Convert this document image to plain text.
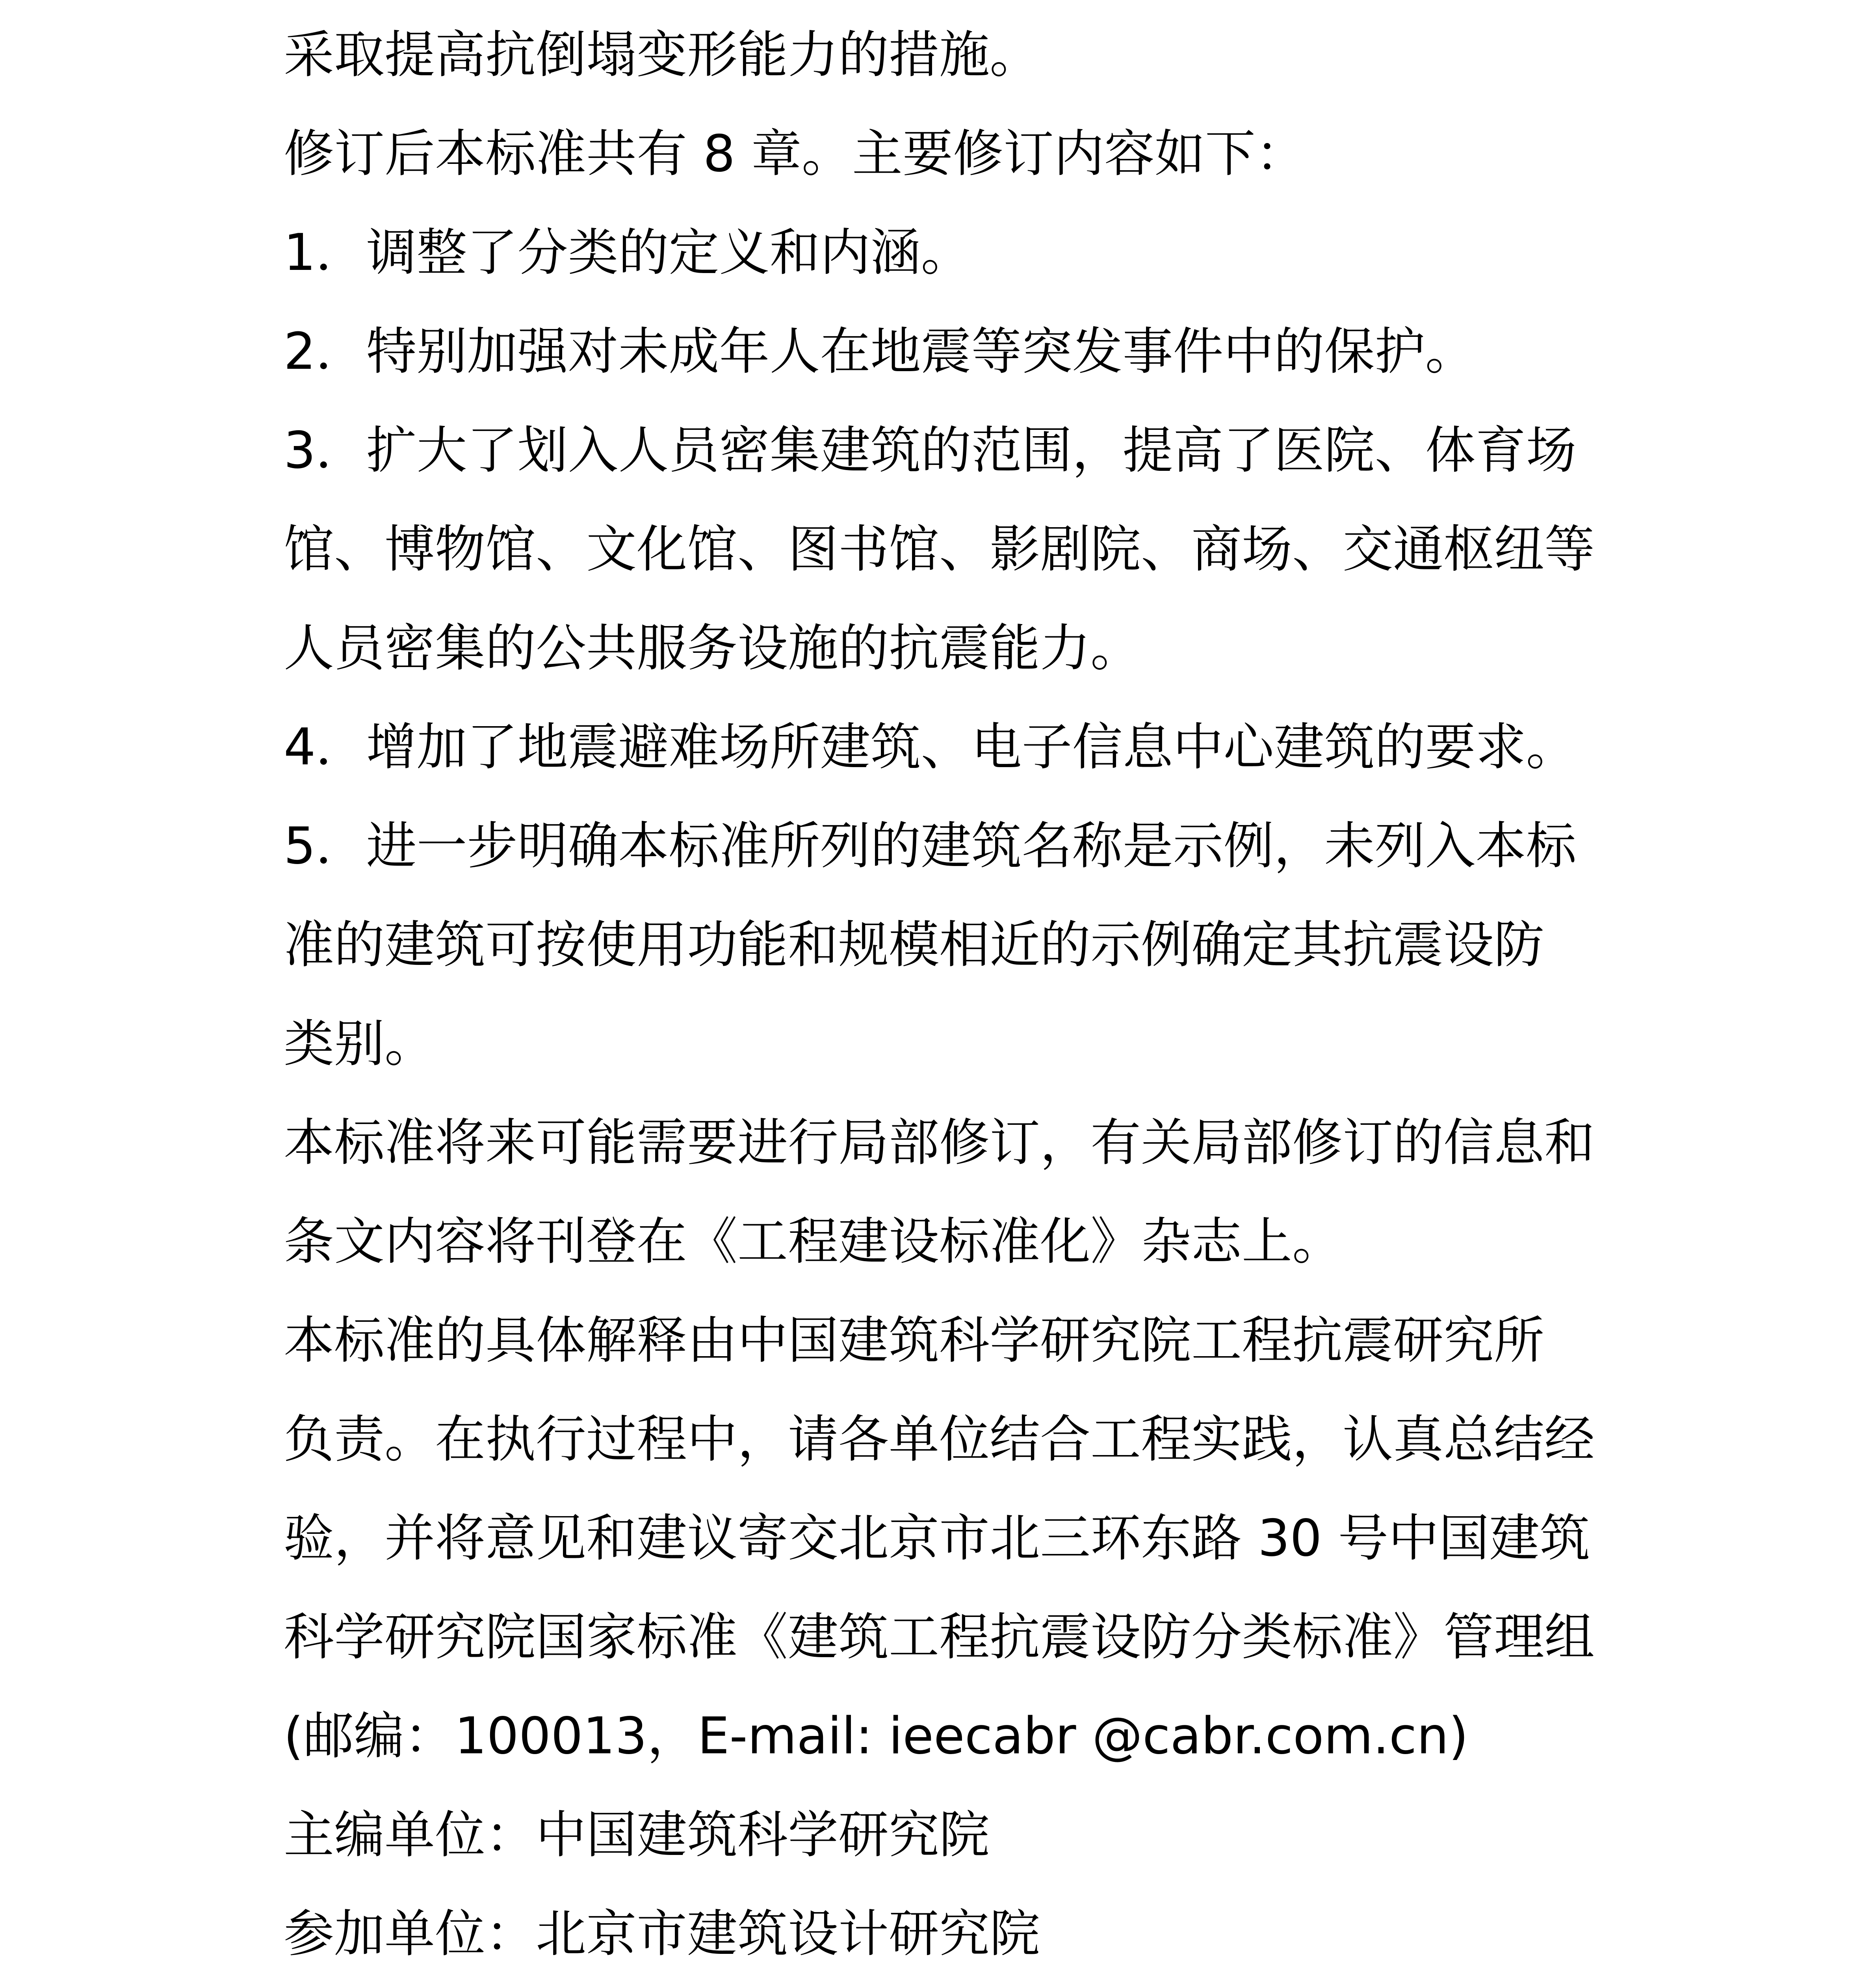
采取提高抗倒塌变形能力的措施。
修订后本标准共有 8 章。主要修订内容如下：
1．调整了分类的定义和内涵。
2．特别加强对未成年人在地震等突发事件中的保护。
3．扩大了划入人员密集建筑的范围，提高了医院、体育场
馆、博物馆、文化馆、图书馆、影剧院、商场、交通枢纽等
人员密集的公共服务设施的抗震能力。
4．增加了地震避难场所建筑、电子信息中心建筑的要求。
5．进一步明确本标准所列的建筑名称是示例，未列入本标
准的建筑可按使用功能和规模相近的示例确定其抗震设防
类别。
本标准将来可能需要进行局部修订，有关局部修订的信息和
条文内容将刊登在《工程建设标准化》杂志上。
本标准的具体解释由中国建筑科学研究院工程抗震研究所
负责。在执行过程中，请各单位结合工程实践，认真总结经
验，并将意见和建议寄交北京市北三环东路 30 号中国建筑
科学研究院国家标准《建筑工程抗震设防分类标准》管理组
(邮编：100013，E-mail: ieecabr @cabr.com.cn)
主编单位：中国建筑科学研究院
参加单位：北京市建筑设计研究院
